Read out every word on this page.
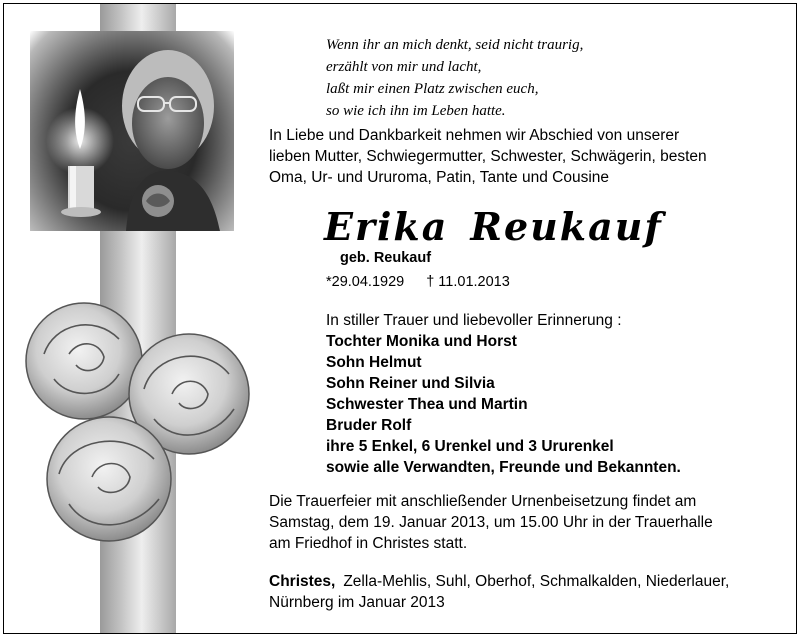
Wenn ihr an mich denkt, seid nicht traurig,
erzählt von mir und lacht,
laßt mir einen Platz zwischen euch,
so wie ich ihn im Leben hatte.
In Liebe und Dankbarkeit nehmen wir Abschied von unserer
lieben Mutter, Schwiegermutter, Schwester, Schwägerin, besten
Oma, Ur- und Ururoma, Patin, Tante und Cousine
Erika Reukauf
geb. Reukauf
*29.04.1929 † 11.01.2013
In stiller Trauer und liebevoller Erinnerung :
Tochter Monika und Horst
Sohn Helmut
Sohn Reiner und Silvia
Schwester Thea und Martin
Bruder Rolf
ihre 5 Enkel, 6 Urenkel und 3 Ururenkel
sowie alle Verwandten, Freunde und Bekannten.
Die Trauerfeier mit anschließender Urnenbeisetzung findet am
Samstag, dem 19. Januar 2013, um 15.00 Uhr in der Trauerhalle
am Friedhof in Christes statt.
Christes, Zella-Mehlis, Suhl, Oberhof, Schmalkalden, Niederlauer,
Nürnberg im Januar 2013
